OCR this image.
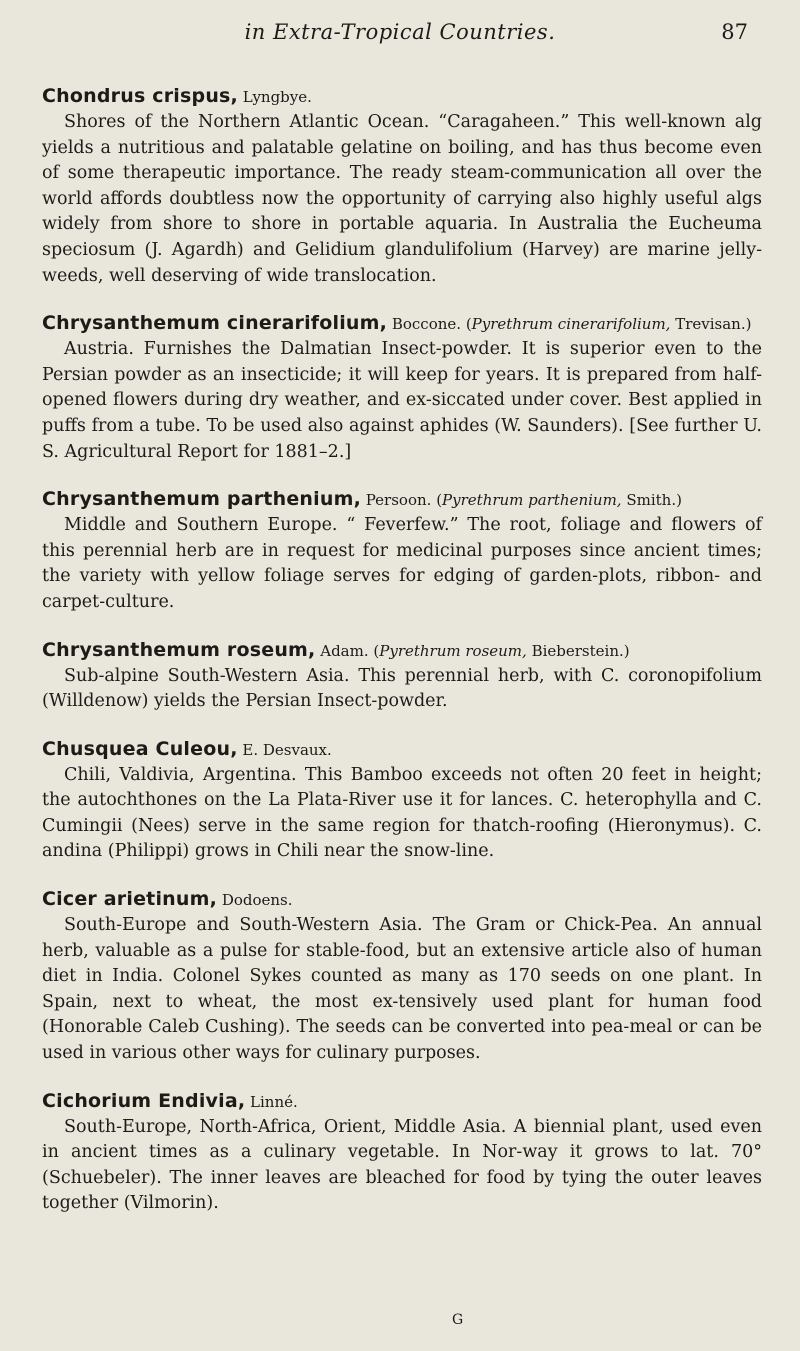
in Extra-Tropical Countries.	87
Chondrus crispus, Lyngbye.

Shores of the Northern Atlantic Ocean. “Caragaheen.” This well-known alg yields a nutritious and palatable gelatine on boiling, and has thus become even of some therapeutic importance. The ready steam-communication all over the world affords doubtless now the opportunity of carrying also highly useful algs widely from shore to shore in portable aquaria. In Australia the Eucheuma speciosum (J. Agardh) and Gelidium glandulifolium (Harvey) are marine jelly-weeds, well deserving of wide translocation.

Chrysanthemum cinerarifolium, Boccone. (Pyrethrum cinerarifolium, Trevisan.)

Austria. Furnishes the Dalmatian Insect-powder. It is superior even to the Persian powder as an insecticide; it will keep for years. It is prepared from half-opened flowers during dry weather, and ex-siccated under cover. Best applied in puffs from a tube. To be used also against aphides (W. Saunders). [See further U. S. Agricultural Report for 1881–2.]

Chrysanthemum parthenium, Persoon. (Pyrethrum parthenium, Smith.)

Middle and Southern Europe. “ Feverfew.” The root, foliage and flowers of this perennial herb are in request for medicinal purposes since ancient times; the variety with yellow foliage serves for edging of garden-plots, ribbon- and carpet-culture.

Chrysanthemum roseum, Adam. (Pyrethrum roseum, Bieberstein.)

Sub-alpine South-Western Asia. This perennial herb, with C. coronopifolium (Willdenow) yields the Persian Insect-powder.

Chusquea Culeou, E. Desvaux.

Chili, Valdivia, Argentina. This Bamboo exceeds not often 20 feet in height; the autochthones on the La Plata-River use it for lances. C. heterophylla and C. Cumingii (Nees) serve in the same region for thatch-roofing (Hieronymus). C. andina (Philippi) grows in Chili near the snow-line.

Cicer arietinum, Dodoens.

South-Europe and South-Western Asia. The Gram or Chick-Pea. An annual herb, valuable as a pulse for stable-food, but an extensive article also of human diet in India. Colonel Sykes counted as many as 170 seeds on one plant. In Spain, next to wheat, the most ex-tensively used plant for human food (Honorable Caleb Cushing). The seeds can be converted into pea-meal or can be used in various other ways for culinary purposes.

Cichorium Endivia, Linné.

South-Europe, North-Africa, Orient, Middle Asia. A biennial plant, used even in ancient times as a culinary vegetable. In Nor-way it grows to lat. 70° (Schuebeler). The inner leaves are bleached for food by tying the outer leaves together (Vilmorin).

G
